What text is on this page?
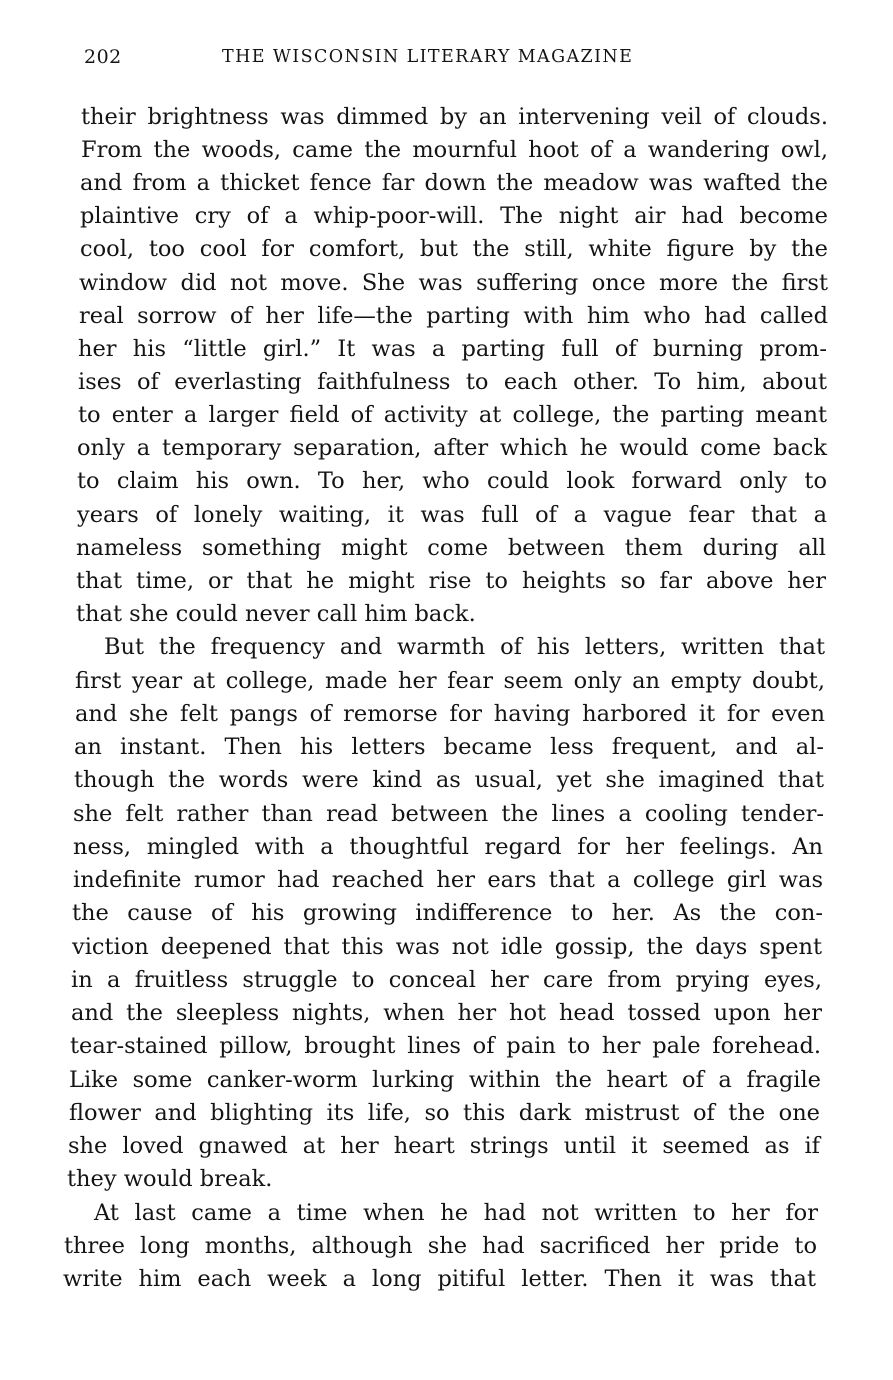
202	THE WISCONSIN LITERARY MAGAZINE
their brightness was dimmed by an intervening veil of clouds.
From the woods, came the mournful hoot of a wandering owl,
and from a thicket fence far down the meadow was wafted the
plaintive cry of a whip-poor-will. The night air had become
cool, too cool for comfort, but the still, white figure by the
window did not move. She was suffering once more the first
real sorrow of her life—the parting with him who had called
her his “little girl.” It was a parting full of burning prom-
ises of everlasting faithfulness to each other. To him, about
to enter a larger field of activity at college, the parting meant
only a temporary separation, after which he would come back
to claim his own. To her, who could look forward only to
years of lonely waiting, it was full of a vague fear that a
nameless something might come between them during all
that time, or that he might rise to heights so far above her
that she could never call him back.
But the frequency and warmth of his letters, written that
first year at college, made her fear seem only an empty doubt,
and she felt pangs of remorse for having harbored it for even
an instant. Then his letters became less frequent, and al-
though the words were kind as usual, yet she imagined that
she felt rather than read between the lines a cooling tender-
ness, mingled with a thoughtful regard for her feelings. An
indefinite rumor had reached her ears that a college girl was
the cause of his growing indifference to her. As the con-
viction deepened that this was not idle gossip, the days spent
in a fruitless struggle to conceal her care from prying eyes,
and the sleepless nights, when her hot head tossed upon her
tear-stained pillow, brought lines of pain to her pale forehead.
Like some canker-worm lurking within the heart of a fragile
flower and blighting its life, so this dark mistrust of the one
she loved gnawed at her heart strings until it seemed as if
they would break.
At last came a time when he had not written to her for
three long months, although she had sacrificed her pride to
write him each week a long pitiful letter. Then it was that
